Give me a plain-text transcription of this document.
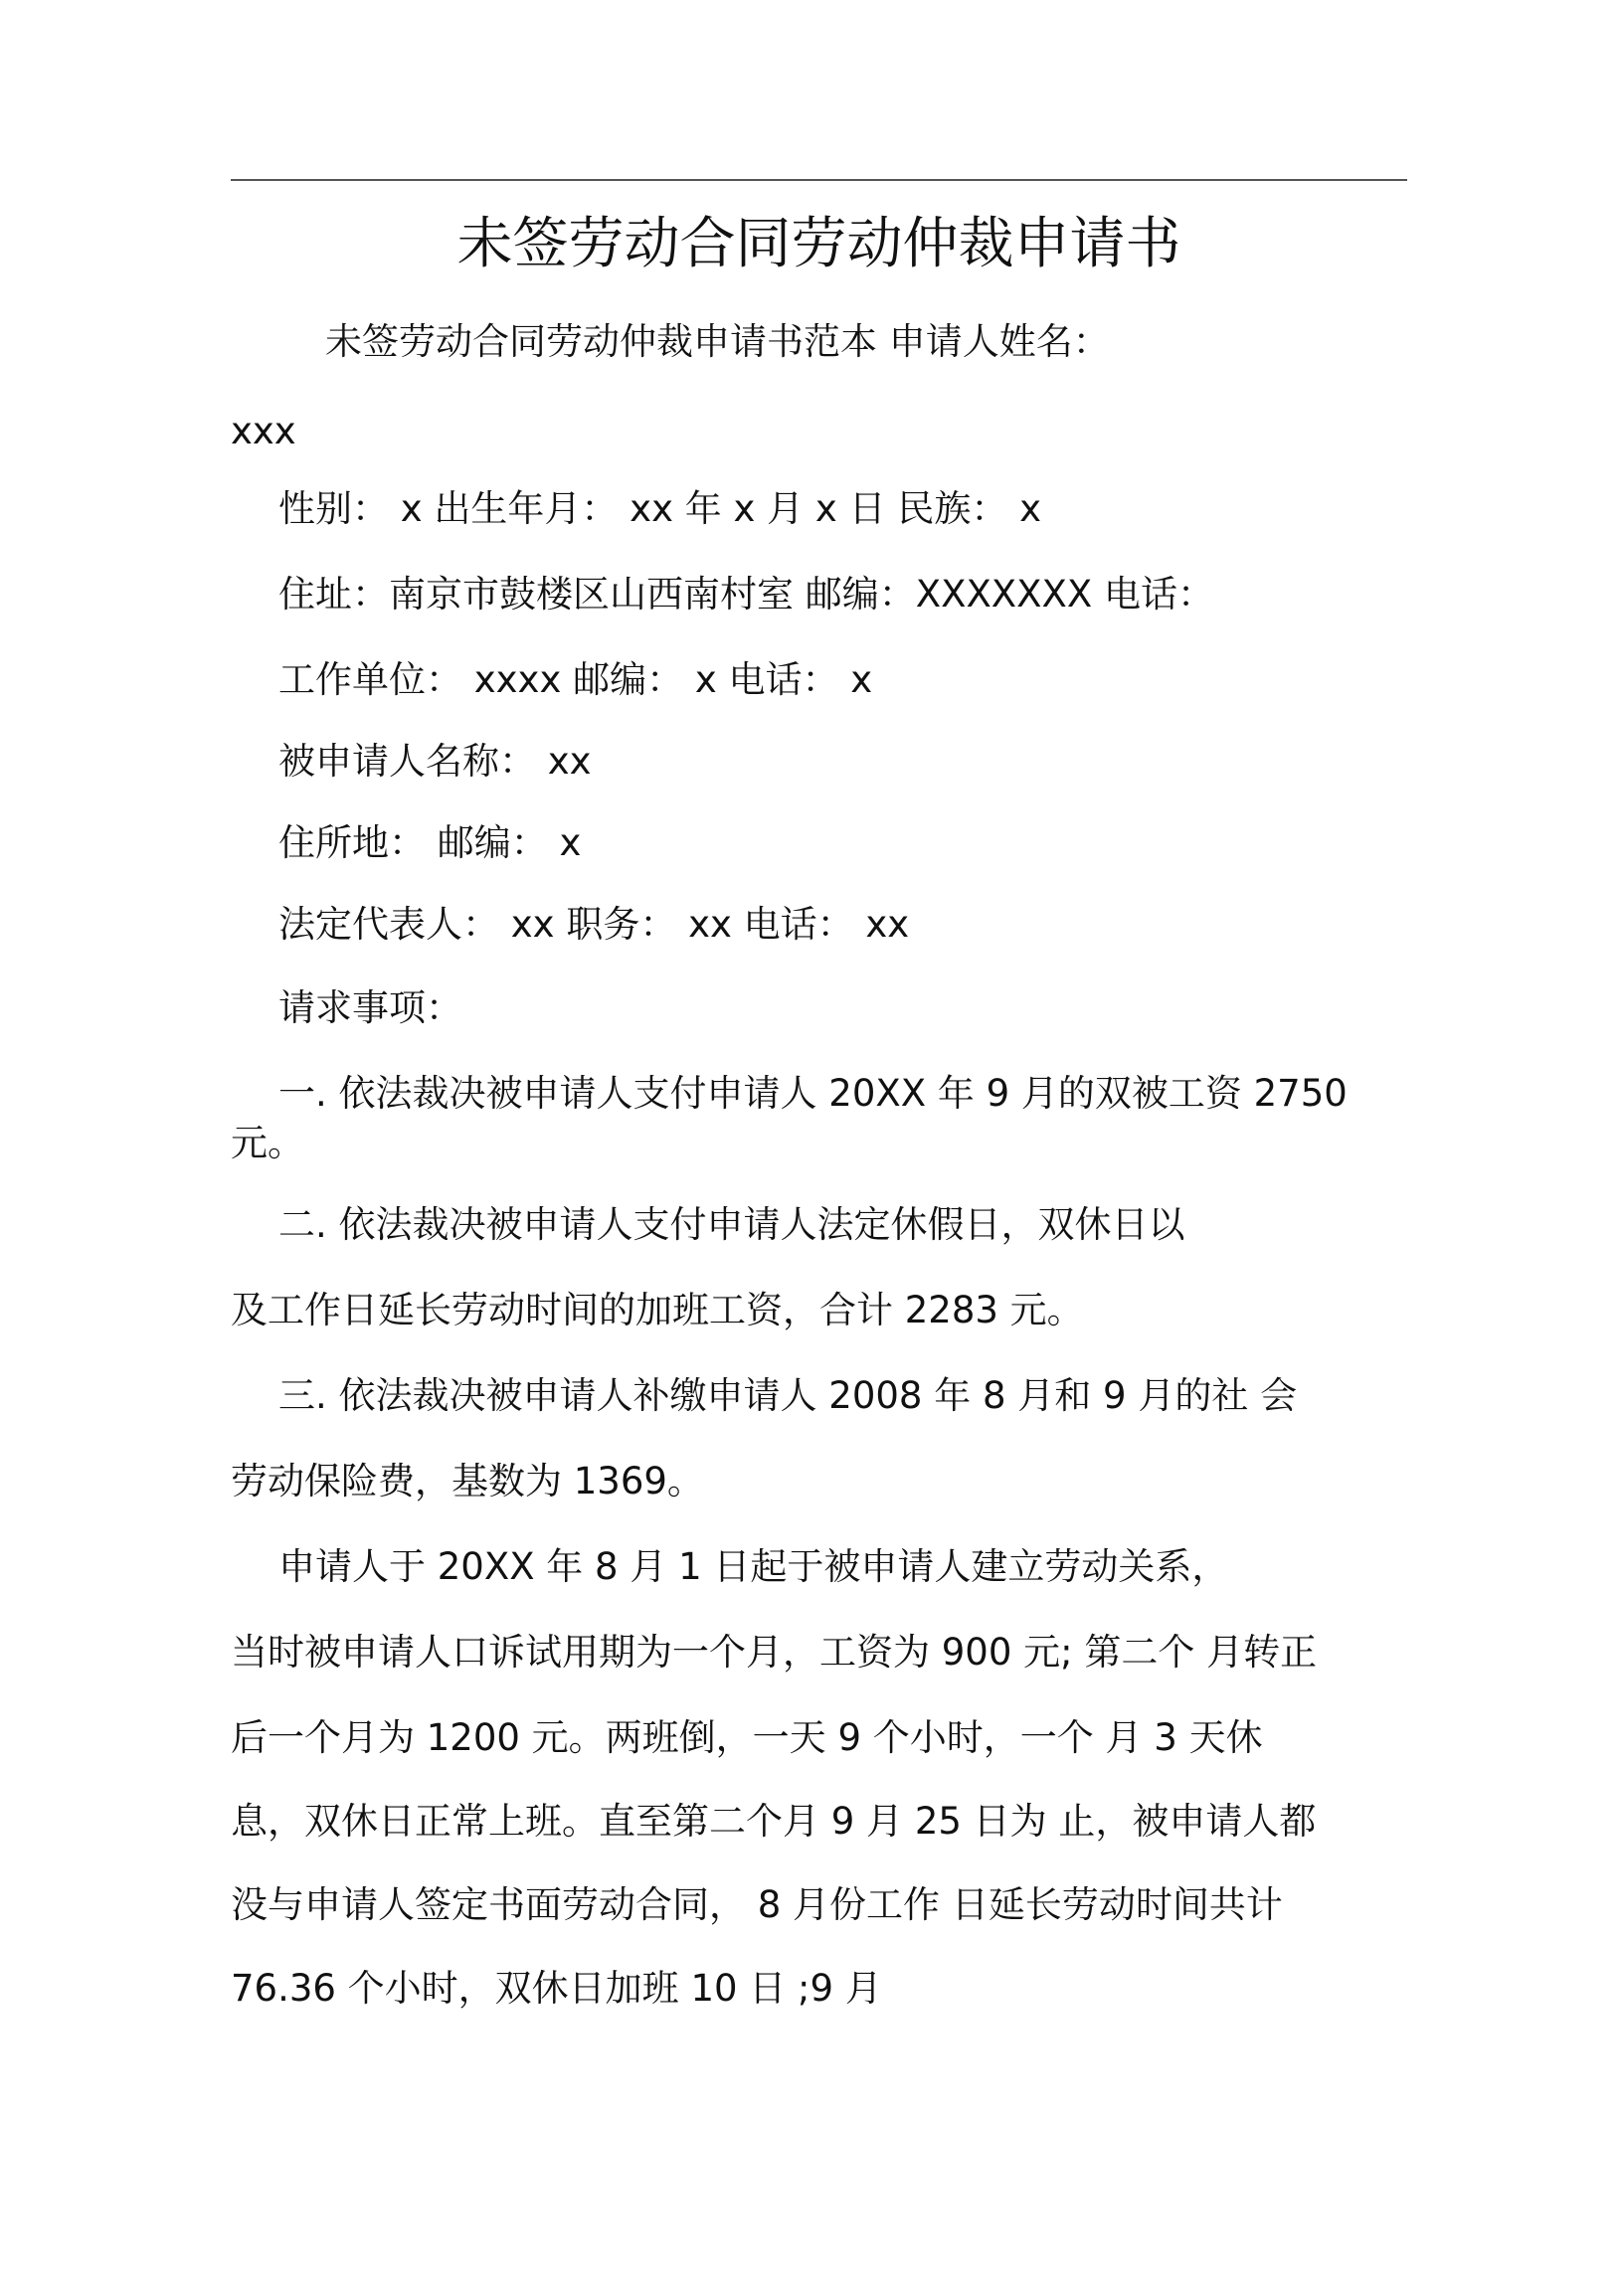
未签劳动合同劳动仲裁申请书
未签劳动合同劳动仲裁申请书范本 申请人姓名：
xxx
性别： x 出生年月： xx 年 x 月 x 日 民族： x
住址：南京市鼓楼区山西南村室 邮编：XXXXXXX 电话：
工作单位： xxxx 邮编： x 电话： x
被申请人名称： xx
住所地： 邮编： x
法定代表人： xx 职务： xx 电话： xx
请求事项：
一. 依法裁决被申请人支付申请人 20XX 年 9 月的双被工资 2750
元。
二. 依法裁决被申请人支付申请人法定休假日，双休日以
及工作日延长劳动时间的加班工资，合计 2283 元。
三. 依法裁决被申请人补缴申请人 2008 年 8 月和 9 月的社 会
劳动保险费，基数为 1369。
申请人于 20XX 年 8 月 1 日起于被申请人建立劳动关系，
当时被申请人口诉试用期为一个月，工资为 900 元; 第二个 月转正
后一个月为 1200 元。两班倒，一天 9 个小时，一个 月 3 天休
息，双休日正常上班。直至第二个月 9 月 25 日为 止，被申请人都
没与申请人签定书面劳动合同， 8 月份工作 日延长劳动时间共计
76.36 个小时，双休日加班 10 日 ;9 月
